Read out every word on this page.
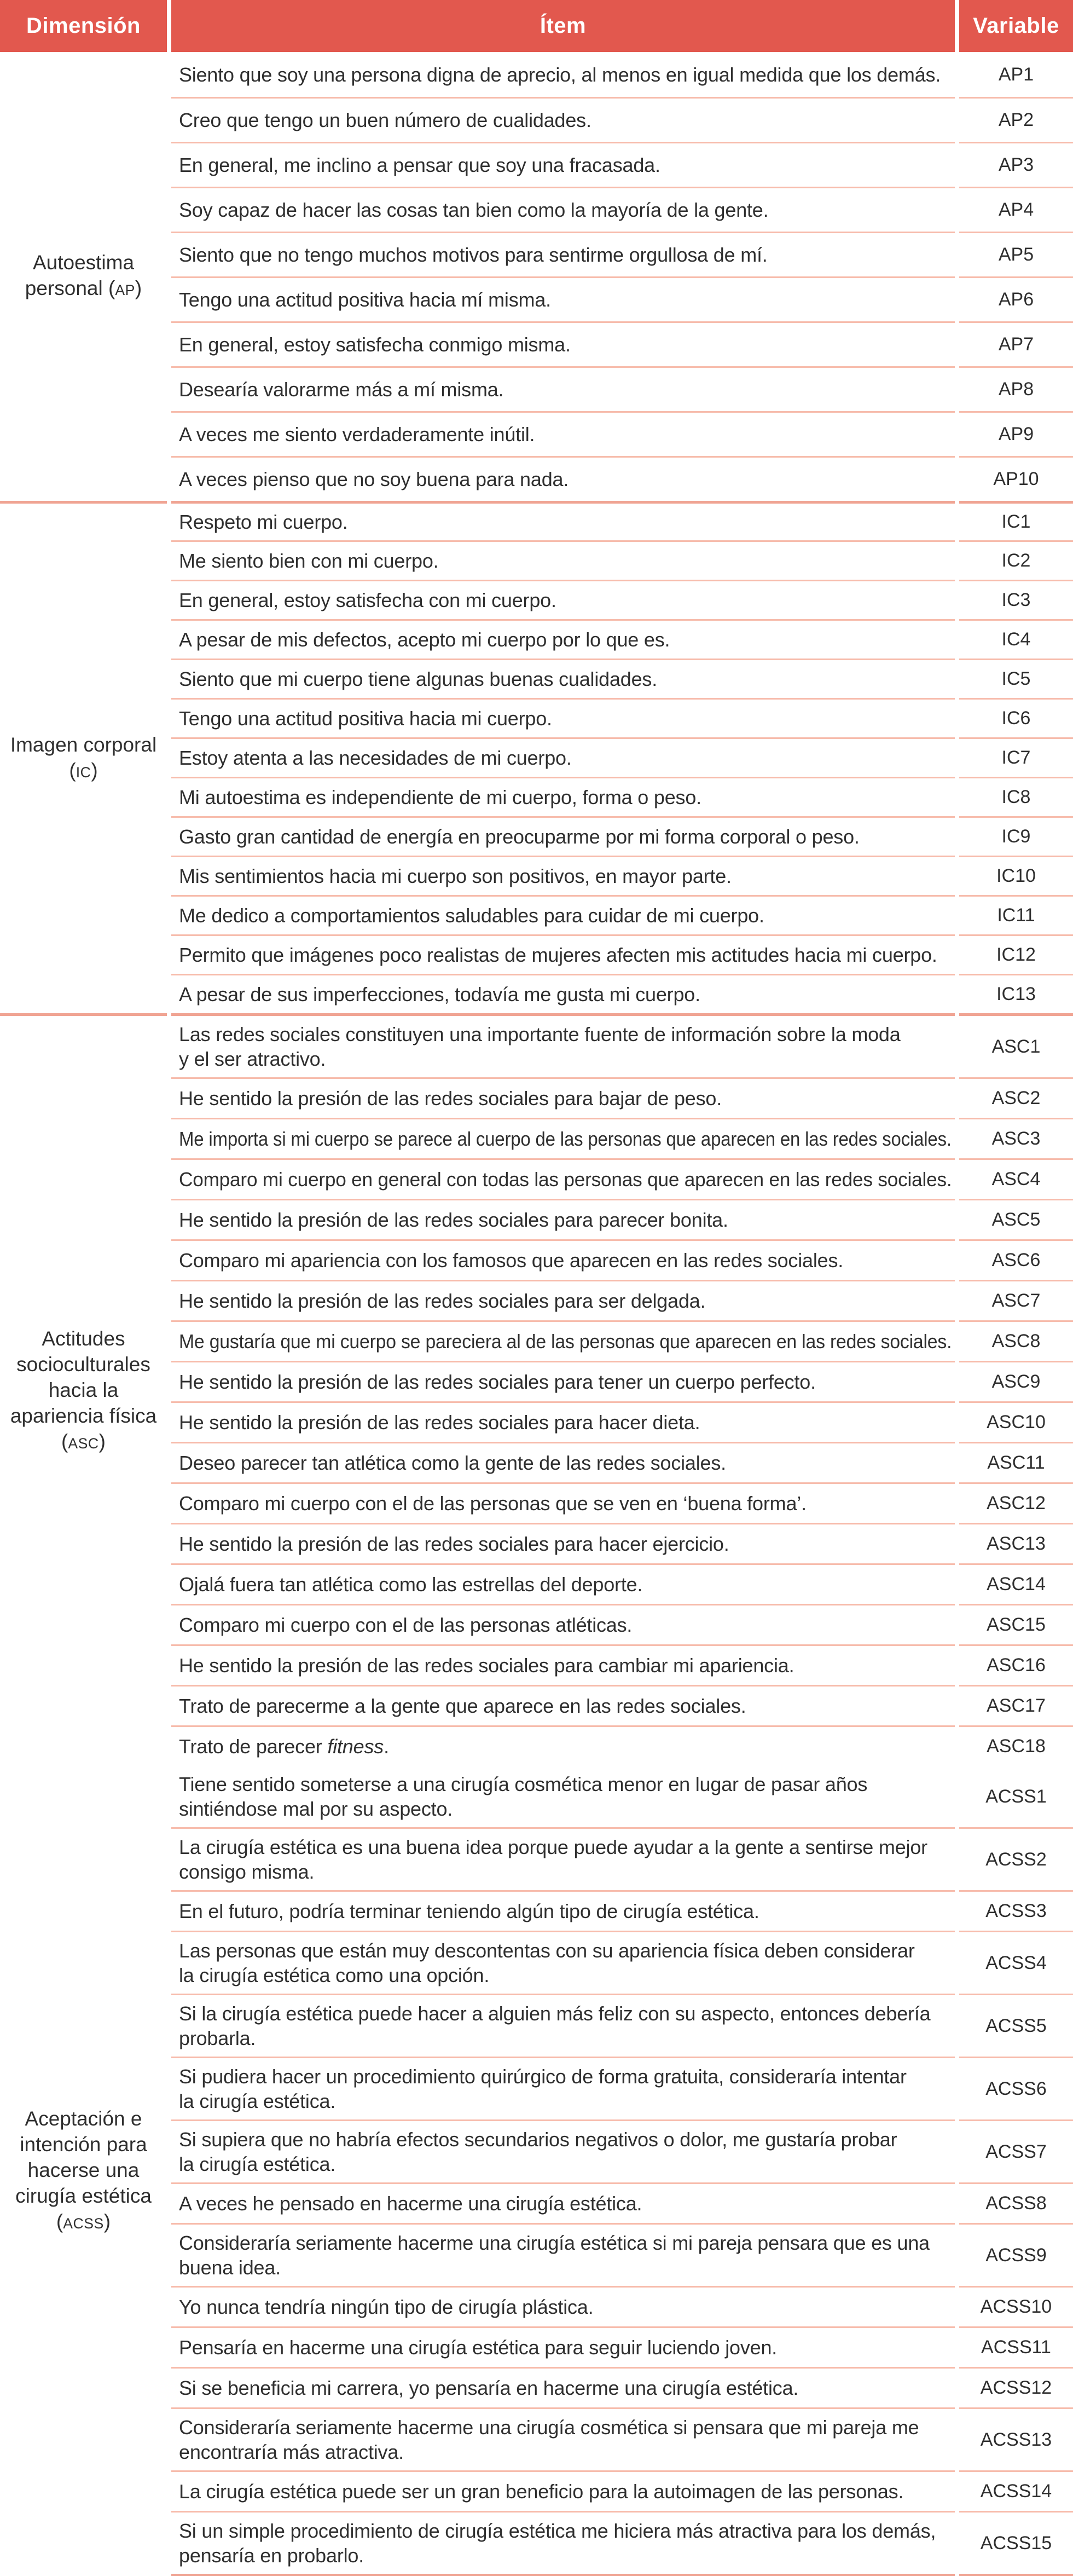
Dimensión	Ítem	Variable
Autoestima
personal (AP)
Siento que soy una persona digna de aprecio, al menos en igual medida que los demás.	AP1
Creo que tengo un buen número de cualidades.	AP2
En general, me inclino a pensar que soy una fracasada.	AP3
Soy capaz de hacer las cosas tan bien como la mayoría de la gente.	AP4
Siento que no tengo muchos motivos para sentirme orgullosa de mí.	AP5
Tengo una actitud positiva hacia mí misma.	AP6
En general, estoy satisfecha conmigo misma.	AP7
Desearía valorarme más a mí misma.	AP8
A veces me siento verdaderamente inútil.	AP9
A veces pienso que no soy buena para nada.	AP10
Imagen corporal
(IC)
Respeto mi cuerpo.	IC1
Me siento bien con mi cuerpo.	IC2
En general, estoy satisfecha con mi cuerpo.	IC3
A pesar de mis defectos, acepto mi cuerpo por lo que es.	IC4
Siento que mi cuerpo tiene algunas buenas cualidades.	IC5
Tengo una actitud positiva hacia mi cuerpo.	IC6
Estoy atenta a las necesidades de mi cuerpo.	IC7
Mi autoestima es independiente de mi cuerpo, forma o peso.	IC8
Gasto gran cantidad de energía en preocuparme por mi forma corporal o peso.	IC9
Mis sentimientos hacia mi cuerpo son positivos, en mayor parte.	IC10
Me dedico a comportamientos saludables para cuidar de mi cuerpo.	IC11
Permito que imágenes poco realistas de mujeres afecten mis actitudes hacia mi cuerpo.	IC12
A pesar de sus imperfecciones, todavía me gusta mi cuerpo.	IC13
Actitudes
socioculturales
hacia la
apariencia física
(ASC)
Las redes sociales constituyen una importante fuente de información sobre la moda
y el ser atractivo.
ASC1
He sentido la presión de las redes sociales para bajar de peso.	ASC2
Me importa si mi cuerpo se parece al cuerpo de las personas que aparecen en las redes sociales.	ASC3
Comparo mi cuerpo en general con todas las personas que aparecen en las redes sociales.	ASC4
He sentido la presión de las redes sociales para parecer bonita.	ASC5
Comparo mi apariencia con los famosos que aparecen en las redes sociales.	ASC6
He sentido la presión de las redes sociales para ser delgada.	ASC7
Me gustaría que mi cuerpo se pareciera al de las personas que aparecen en las redes sociales.	ASC8
He sentido la presión de las redes sociales para tener un cuerpo perfecto.	ASC9
He sentido la presión de las redes sociales para hacer dieta.	ASC10
Deseo parecer tan atlética como la gente de las redes sociales.	ASC11
Comparo mi cuerpo con el de las personas que se ven en ‘buena forma’.	ASC12
He sentido la presión de las redes sociales para hacer ejercicio.	ASC13
Ojalá fuera tan atlética como las estrellas del deporte.	ASC14
Comparo mi cuerpo con el de las personas atléticas.	ASC15
He sentido la presión de las redes sociales para cambiar mi apariencia.	ASC16
Trato de parecerme a la gente que aparece en las redes sociales.	ASC17
Trato de parecer fitness.	ASC18
Aceptación e
intención para
hacerse una
cirugía estética
(ACSS)
Tiene sentido someterse a una cirugía cosmética menor en lugar de pasar años
sintiéndose mal por su aspecto.
ACSS1
La cirugía estética es una buena idea porque puede ayudar a la gente a sentirse mejor
consigo misma.
ACSS2
En el futuro, podría terminar teniendo algún tipo de cirugía estética.	ACSS3
Las personas que están muy descontentas con su apariencia física deben considerar
la cirugía estética como una opción.
ACSS4
Si la cirugía estética puede hacer a alguien más feliz con su aspecto, entonces debería
probarla.
ACSS5
Si pudiera hacer un procedimiento quirúrgico de forma gratuita, consideraría intentar
la cirugía estética.
ACSS6
Si supiera que no habría efectos secundarios negativos o dolor, me gustaría probar
la cirugía estética.
ACSS7
A veces he pensado en hacerme una cirugía estética.	ACSS8
Consideraría seriamente hacerme una cirugía estética si mi pareja pensara que es una
buena idea.
ACSS9
Yo nunca tendría ningún tipo de cirugía plástica.	ACSS10
Pensaría en hacerme una cirugía estética para seguir luciendo joven.	ACSS11
Si se beneficia mi carrera, yo pensaría en hacerme una cirugía estética.	ACSS12
Consideraría seriamente hacerme una cirugía cosmética si pensara que mi pareja me
encontraría más atractiva.
ACSS13
La cirugía estética puede ser un gran beneficio para la autoimagen de las personas.	ACSS14
Si un simple procedimiento de cirugía estética me hiciera más atractiva para los demás,
pensaría en probarlo.
ACSS15
